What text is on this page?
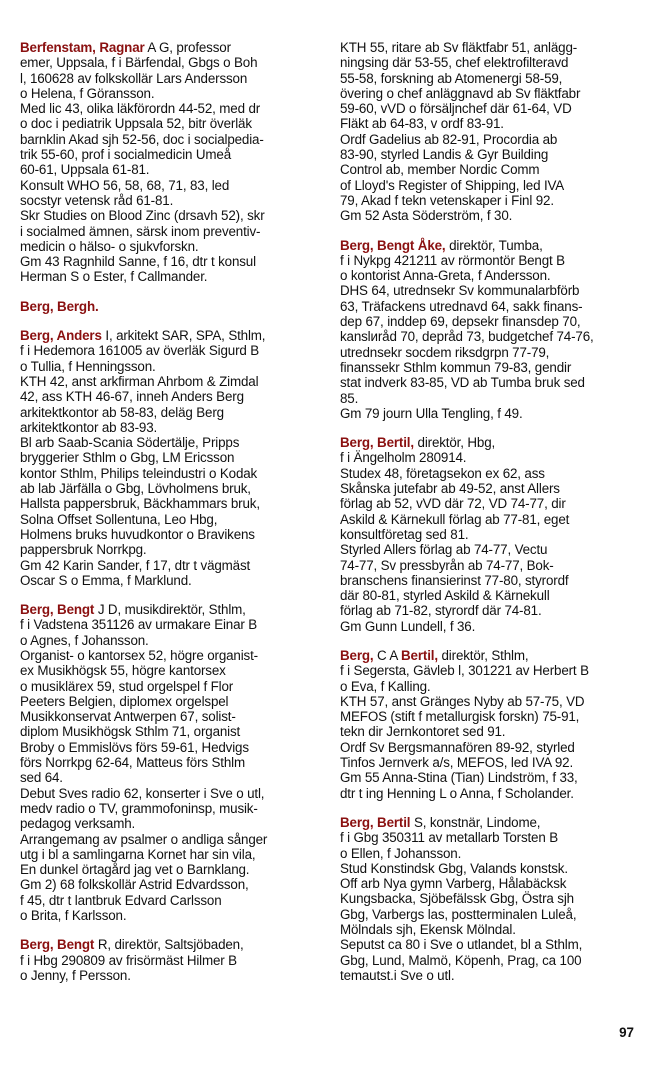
Berfenstam, Ragnar A G, professor
emer, Uppsala, f i Bärfendal, Gbgs o Boh
l, 160628 av folkskollär Lars Andersson
o Helena, f Göransson.
Med lic 43, olika läkförordn 44-52, med dr
o doc i pediatrik Uppsala 52, bitr överläk
barnklin Akad sjh 52-56, doc i socialpedia-
trik 55-60, prof i socialmedicin Umeå
60-61, Uppsala 61-81.
Konsult WHO 56, 58, 68, 71, 83, led
socstyr vetensk råd 61-81.
Skr Studies on Blood Zinc (drsavh 52), skr
i socialmed ämnen, särsk inom preventiv-
medicin o hälso- o sjukvforskn.
Gm 43 Ragnhild Sanne, f 16, dtr t konsul
Herman S o Ester, f Callmander.
Berg, Bergh.
Berg, Anders I, arkitekt SAR, SPA, Sthlm,
f i Hedemora 161005 av överläk Sigurd B
o Tullia, f Henningsson.
KTH 42, anst arkfirman Ahrbom & Zimdal
42, ass KTH 46-67, inneh Anders Berg
arkitektkontor ab 58-83, deläg Berg
arkitektkontor ab 83-93.
Bl arb Saab-Scania Södertälje, Pripps
bryggerier Sthlm o Gbg, LM Ericsson
kontor Sthlm, Philips teleindustri o Kodak
ab lab Järfälla o Gbg, Lövholmens bruk,
Hallsta pappersbruk, Bäckhammars bruk,
Solna Offset Sollentuna, Leo Hbg,
Holmens bruks huvudkontor o Bravikens
pappersbruk Norrkpg.
Gm 42 Karin Sander, f 17, dtr t vägmäst
Oscar S o Emma, f Marklund.
Berg, Bengt J D, musikdirektör, Sthlm,
f i Vadstena 351126 av urmakare Einar B
o Agnes, f Johansson.
Organist- o kantorsex 52, högre organist-
ex Musikhögsk 55, högre kantorsex
o musiklärex 59, stud orgelspel f Flor
Peeters Belgien, diplomex orgelspel
Musikkonservat Antwerpen 67, solist-
diplom Musikhögsk Sthlm 71, organist
Broby o Emmislövs förs 59-61, Hedvigs
förs Norrkpg 62-64, Matteus förs Sthlm
sed 64.
Debut Sves radio 62, konserter i Sve o utl,
medv radio o TV, grammofoninsp, musik-
pedagog verksamh.
Arrangemang av psalmer o andliga sånger
utg i bl a samlingarna Kornet har sin vila,
En dunkel örtagård jag vet o Barnklang.
Gm 2) 68 folkskollär Astrid Edvardsson,
f 45, dtr t lantbruk Edvard Carlsson
o Brita, f Karlsson.
Berg, Bengt R, direktör, Saltsjöbaden,
f i Hbg 290809 av frisörmäst Hilmer B
o Jenny, f Persson.
KTH 55, ritare ab Sv fläktfabr 51, anlägg-
ningsing där 53-55, chef elektrofilteravd
55-58, forskning ab Atomenergi 58-59,
övering o chef anläggnavd ab Sv fläktfabr
59-60, vVD o försäljnchef där 61-64, VD
Fläkt ab 64-83, v ordf 83-91.
Ordf Gadelius ab 82-91, Procordia ab
83-90, styrled Landis & Gyr Building
Control ab, member Nordic Comm
of Lloyd's Register of Shipping, led IVA
79, Akad f tekn vetenskaper i Finl 92.
Gm 52 Asta Söderström, f 30.
Berg, Bengt Åke, direktör, Tumba,
f i Nykpg 421211 av rörmontör Bengt B
o kontorist Anna-Greta, f Andersson.
DHS 64, utrednsekr Sv kommunalarbförb
63, Träfackens utrednavd 64, sakk finans-
dep 67, inddep 69, depsekr finansdep 70,
kanslиråd 70, depråd 73, budgetchef 74-76,
utrednsekr socdem riksdgrpn 77-79,
finanssekr Sthlm kommun 79-83, gendir
stat indverk 83-85, VD ab Tumba bruk sed
85.
Gm 79 journ Ulla Tengling, f 49.
Berg, Bertil, direktör, Hbg,
f i Ängelholm 280914.
Studex 48, företagsekon ex 62, ass
Skånska jutefabr ab 49-52, anst Allers
förlag ab 52, vVD där 72, VD 74-77, dir
Askild & Kärnekull förlag ab 77-81, eget
konsultföretag sed 81.
Styrled Allers förlag ab 74-77, Vectu
74-77, Sv pressbyrån ab 74-77, Bok-
branschens finansierinst 77-80, styrordf
där 80-81, styrled Askild & Kärnekull
förlag ab 71-82, styrordf där 74-81.
Gm Gunn Lundell, f 36.
Berg, C A Bertil, direktör, Sthlm,
f i Segersta, Gävleb l, 301221 av Herbert B
o Eva, f Kalling.
KTH 57, anst Gränges Nyby ab 57-75, VD
MEFOS (stift f metallurgisk forskn) 75-91,
tekn dir Jernkontoret sed 91.
Ordf Sv Bergsmannafören 89-92, styrled
Tinfos Jernverk a/s, MEFOS, led IVA 92.
Gm 55 Anna-Stina (Tian) Lindström, f 33,
dtr t ing Henning L o Anna, f Scholander.
Berg, Bertil S, konstnär, Lindome,
f i Gbg 350311 av metallarb Torsten B
o Ellen, f Johansson.
Stud Konstindsk Gbg, Valands konstsk.
Off arb Nya gymn Varberg, Hålabäcksk
Kungsbacka, Sjöbefälssk Gbg, Östra sjh
Gbg, Varbergs las, postterminalen Luleå,
Mölndals sjh, Ekensk Mölndal.
Seputst ca 80 i Sve o utlandet, bl a Sthlm,
Gbg, Lund, Malmö, Köpenh, Prag, ca 100
temautst.i Sve o utl.
97
